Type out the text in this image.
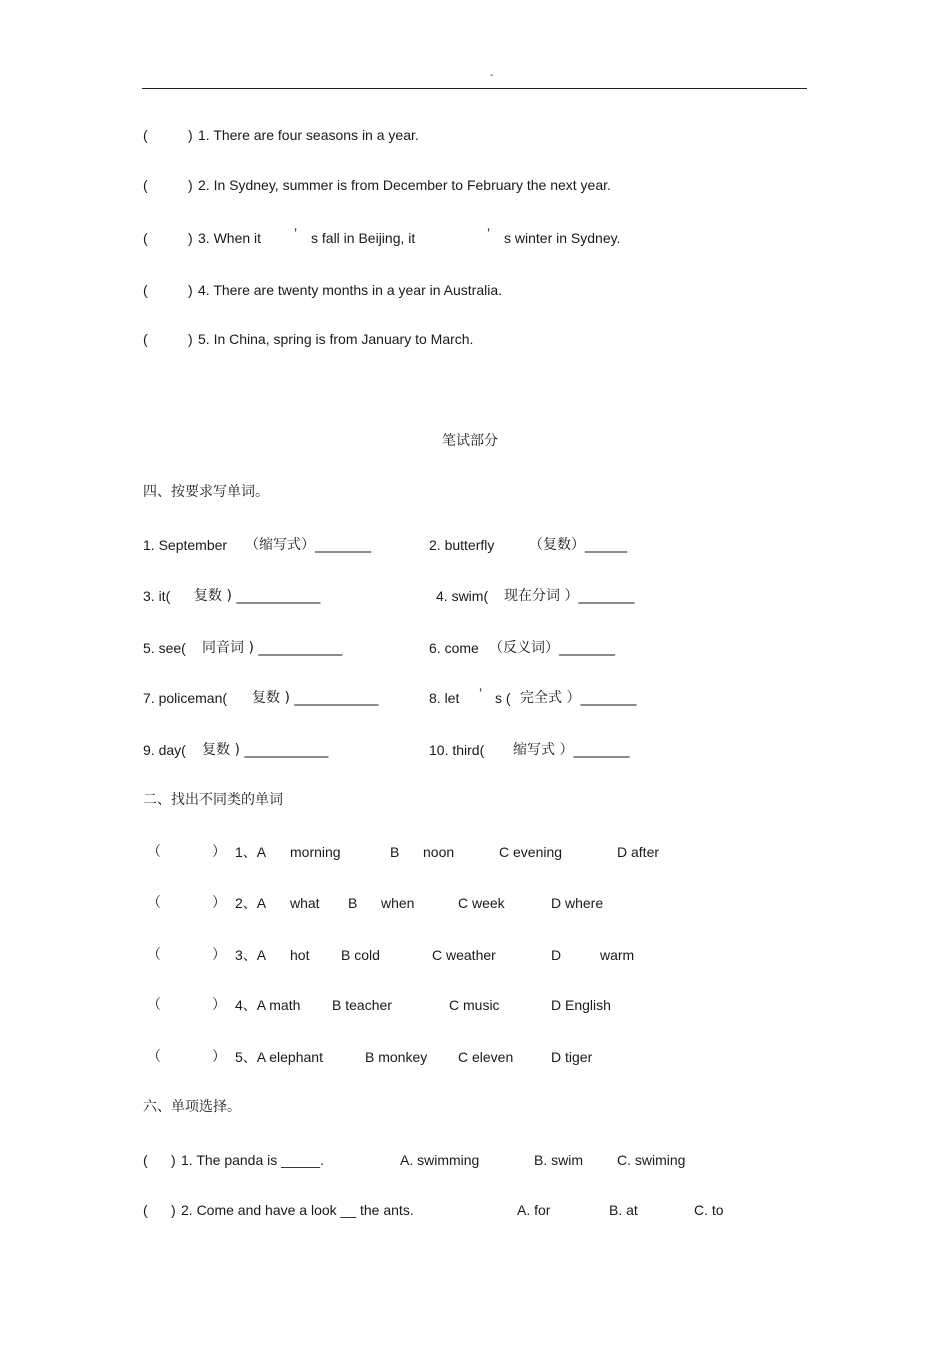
-
(	) 1. There are four seasons in a year.
(	) 2. In Sydney, summer is from December to February the next year.
(	) 3. When it ’ s fall in Beijing, it	’ s winter in Sydney.
(	) 4. There are twenty months in a year in Australia.
(	) 5. In China, spring is from January to March.
笔试部分
四、按要求写单词。
1. September （缩写式）________	2. butterfly （复数）______
3. it( 复数 ) ____________	4. swim( 现在分词 ）________
5. see( 同音词 ) ____________	6. come （反义词）________
7. policeman( 复数 ) ____________	8. let ’ s ( 完全式 ）________
9. day( 复数 ) ____________	10. third( 缩写式 ）________
二、找出不同类的单词
（	） 1、A morning	B noon	C evening	D after
（	） 2、A what B when	C week	D where
（	） 3、A hot B cold	C weather	D	warm
（	） 4、A math B teacher	C music	D English
（	） 5、A elephant	B monkey C eleven	D tiger
六、单项选择。
( ) 1. The panda is _____.	A. swimming	B. swim C. swiming
( ) 2. Come and have a look __ the ants.	A. for	B. at	C. to
